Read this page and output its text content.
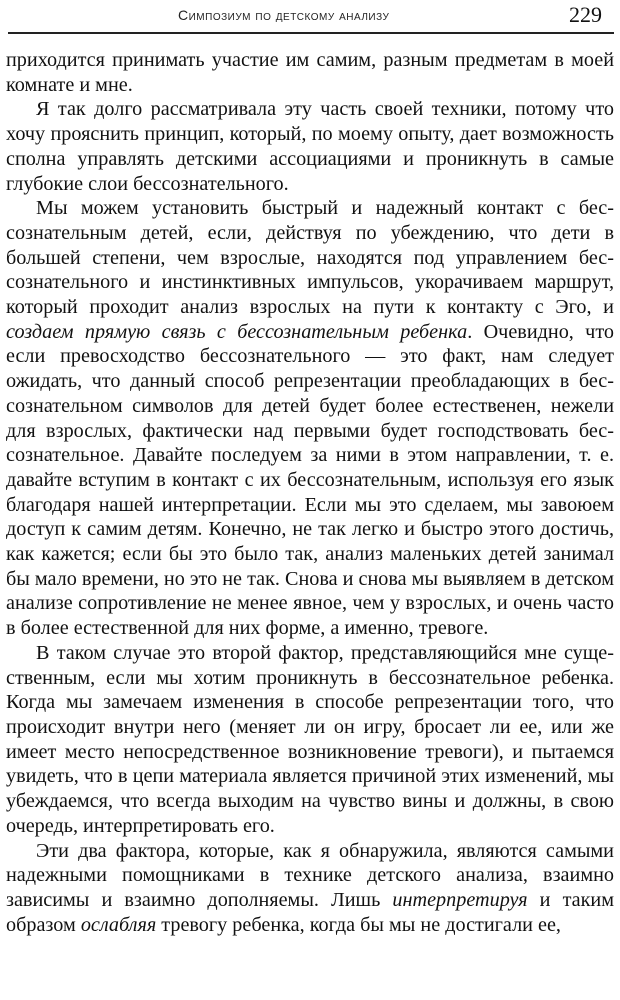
Симпозиум по детскому анализу	229

приходится принимать участие им самим, разным предметам в моей комнате и мне.

Я так долго рассматривала эту часть своей техники, потому что хочу прояснить принцип, который, по моему опыту, дает возможность сполна управлять детскими ассоциациями и проникнуть в самые глубокие слои бессознательного.

Мы можем установить быстрый и надежный контакт с бессознательным детей, если, действуя по убеждению, что дети в большей степени, чем взрослые, находятся под управлением бессознательного и инстинктивных импульсов, укорачиваем маршрут, который проходит анализ взрослых на пути к контакту с Эго, и создаем прямую связь с бессознательным ребенка. Очевидно, что если превосходство бессознательного — это факт, нам следует ожидать, что данный способ репрезентации преобладающих в бессознательном символов для детей будет более естественен, нежели для взрослых, фактически над первыми будет господствовать бессознательное. Давайте последуем за ними в этом направлении, т. е. давайте вступим в контакт с их бессознательным, используя его язык благодаря нашей интерпретации. Если мы это сделаем, мы завоюем доступ к самим детям. Конечно, не так легко и быстро этого достичь, как кажется; если бы это было так, анализ маленьких детей занимал бы мало времени, но это не так. Снова и снова мы выявляем в детском анализе сопротивление не менее явное, чем у взрослых, и очень часто в более естественной для них форме, а именно, тревоге.

В таком случае это второй фактор, представляющийся мне существенным, если мы хотим проникнуть в бессознательное ребенка. Когда мы замечаем изменения в способе репрезентации того, что происходит внутри него (меняет ли он игру, бросает ли ее, или же имеет место непосредственное возникновение тревоги), и пытаемся увидеть, что в цепи материала является причиной этих изменений, мы убеждаемся, что всегда выходим на чувство вины и должны, в свою очередь, интерпретировать его.

Эти два фактора, которые, как я обнаружила, являются самыми надежными помощниками в технике детского анализа, взаимно зависимы и взаимно дополняемы. Лишь интерпретируя и таким образом ослабляя тревогу ребенка, когда бы мы не достигали ее,
